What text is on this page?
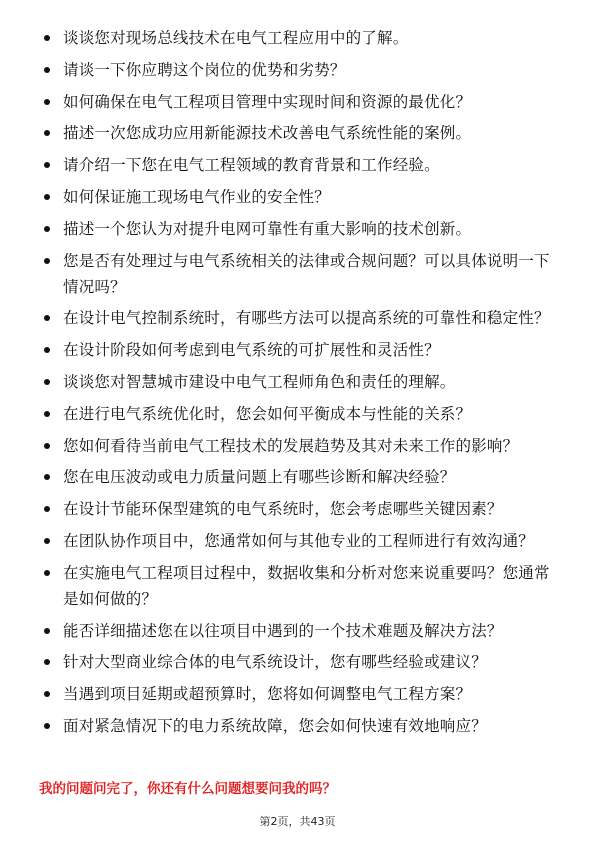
谈谈您对现场总线技术在电气工程应用中的了解。
请谈一下你应聘这个岗位的优势和劣势？
如何确保在电气工程项目管理中实现时间和资源的最优化？
描述一次您成功应用新能源技术改善电气系统性能的案例。
请介绍一下您在电气工程领域的教育背景和工作经验。
如何保证施工现场电气作业的安全性？
描述一个您认为对提升电网可靠性有重大影响的技术创新。
您是否有处理过与电气系统相关的法律或合规问题？可以具体说明一下情况吗？
在设计电气控制系统时，有哪些方法可以提高系统的可靠性和稳定性？
在设计阶段如何考虑到电气系统的可扩展性和灵活性？
谈谈您对智慧城市建设中电气工程师角色和责任的理解。
在进行电气系统优化时，您会如何平衡成本与性能的关系？
您如何看待当前电气工程技术的发展趋势及其对未来工作的影响？
您在电压波动或电力质量问题上有哪些诊断和解决经验？
在设计节能环保型建筑的电气系统时，您会考虑哪些关键因素？
在团队协作项目中，您通常如何与其他专业的工程师进行有效沟通？
在实施电气工程项目过程中，数据收集和分析对您来说重要吗？您通常是如何做的？
能否详细描述您在以往项目中遇到的一个技术难题及解决方法？
针对大型商业综合体的电气系统设计，您有哪些经验或建议？
当遇到项目延期或超预算时，您将如何调整电气工程方案？
面对紧急情况下的电力系统故障，您会如何快速有效地响应？

我的问题问完了，你还有什么问题想要问我的吗？

第2页，共43页
